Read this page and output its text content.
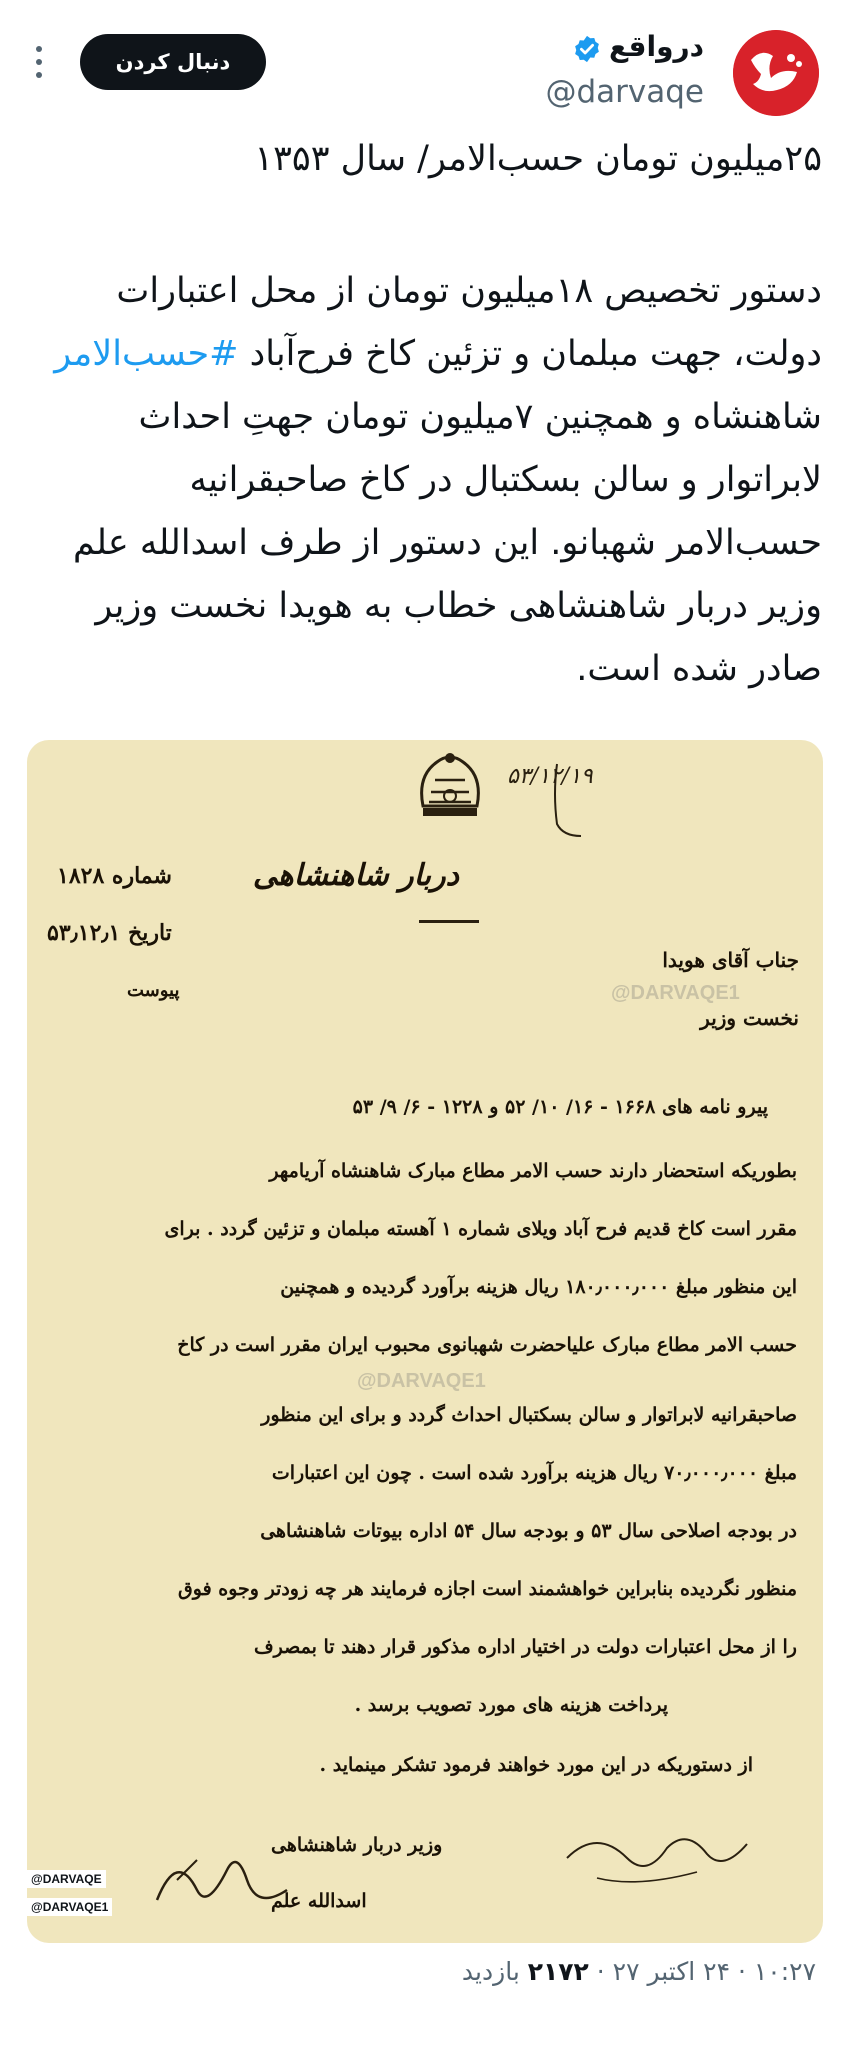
درواقع
@darvaqe
دنبال کردن
۲۵میلیون تومان حسب‌الامر/ سال ۱۳۵۳
دستور تخصیص ۱۸میلیون تومان از محل اعتبارات دولت، جهت مبلمان و تزئین کاخ فرح‌آباد #حسب‌الامر شاهنشاه و همچنین ۷میلیون تومان جهتِ احداث لابراتوار و سالن بسکتبال در کاخ صاحبقرانیه حسب‌الامر شهبانو. این دستور از طرف اسدالله علم وزیر دربار شاهنشاهی خطاب به هویدا نخست وزیر صادر شده است.
دربار شاهنشاهی
۵۳/۱۲/۱۹
شماره ۱۸۲۸
تاریخ ۵۳٫۱۲٫۱
پیوست
جناب آقای هویدا
@DARVAQE1
نخست وزیر
پیرو نامه های ۱۶۶۸ - ۱۶/ ۱۰/ ۵۲ و ۱۲۲۸ - ۶/ ۹/ ۵۳
بطوریکه استحضار دارند حسب الامر مطاع مبارک شاهنشاه آریامهر
مقرر است کاخ قدیم فرح آباد ویلای شماره ۱ آهسته مبلمان و تزئین گردد . برای
این منظور مبلغ ۱۸۰٫۰۰۰٫۰۰۰ ریال هزینه برآورد گردیده و همچنین
حسب الامر مطاع مبارک علیاحضرت شهبانوی محبوب ایران مقرر است در کاخ
@DARVAQE1
صاحبقرانیه لابراتوار و سالن بسکتبال احداث گردد و برای این منظور
مبلغ ۷۰٫۰۰۰٫۰۰۰ ریال هزینه برآورد شده است . چون این اعتبارات
در بودجه اصلاحی سال ۵۳ و بودجه سال ۵۴ اداره بیوتات شاهنشاهی
منظور نگردیده بنابراین خواهشمند است اجازه فرمایند هر چه زودتر وجوه فوق
را از محل اعتبارات دولت در اختیار اداره مذکور قرار دهند تا بمصرف
پرداخت هزینه های مورد تصویب برسد .
از دستوریکه در این مورد خواهند فرمود تشکر مینماید .
وزیر دربار شاهنشاهی
اسدالله علم
@DARVAQE
@DARVAQE1
۱۰:۲۷ · ۲۴ اکتبر ۲۷ · ۲۱۷۲ بازدید
